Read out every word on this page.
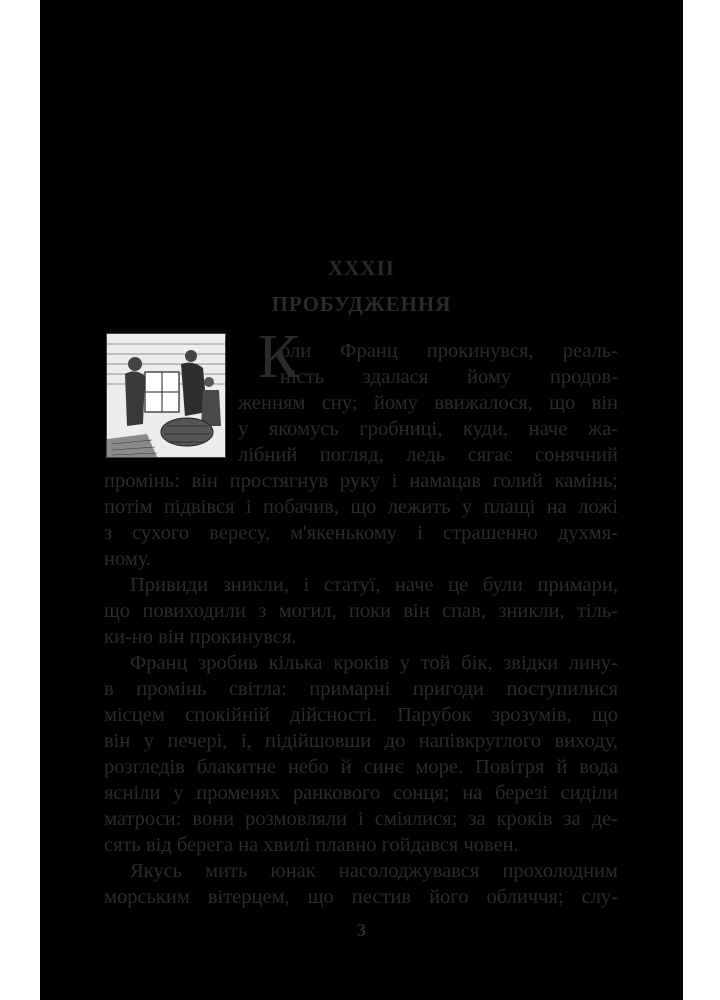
XXXII
ПРОБУДЖЕННЯ
К
оли Франц прокинувся, реаль-
ність здалася йому продов-
женням сну; йому ввижалося, що він
у якомусь гробниці, куди, наче жа-
лібний погляд, ледь сягає сонячний
промінь: він простягнув руку і намацав голий камінь;
потім підвівся і побачив, що лежить у плащі на ложі
з сухого вересу, м'якенькому і страшенно духмя-
ному.
Привиди зникли, і статуї, наче це були примари,
що повиходили з могил, поки він спав, зникли, тіль-
ки-но він прокинувся.
Франц зробив кілька кроків у той бік, звідки лину-
в промінь світла: примарні пригоди поступилися
місцем спокійній дійсності. Парубок зрозумів, що
він у печері, і, підійшовши до напівкруглого виходу,
розгледів блакитне небо й синє море. Повітря й вода
ясніли у променях ранкового сонця; на березі сиділи
матроси: вони розмовляли і сміялися; за кроків за де-
сять від берега на хвилі плавно гойдався човен.
Якусь мить юнак насолоджувався прохолодним
морським вітерцем, що пестив його обличчя; слу-
3
